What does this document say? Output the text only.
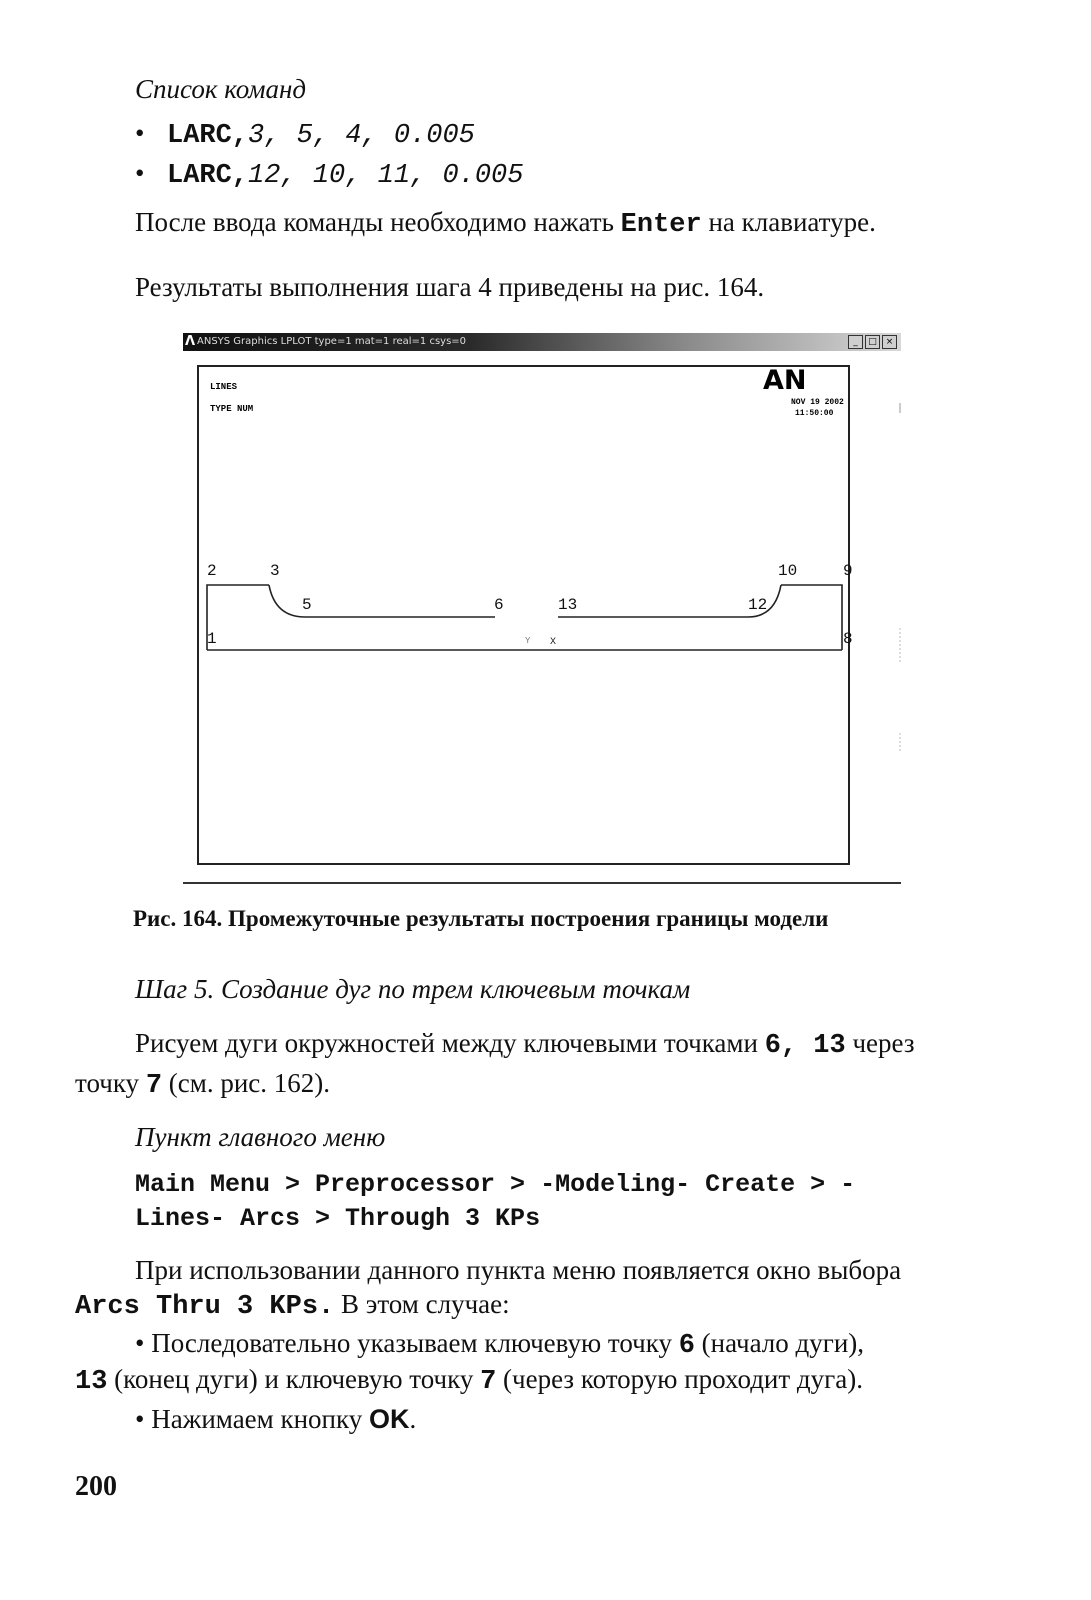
Список команд
• LARC,3, 5, 4, 0.005
• LARC,12, 10, 11, 0.005
После ввода команды необходимо нажать Enter на клавиатуре.
Результаты выполнения шага 4 приведены на рис. 164.
Λ ANSYS Graphics LPLOT type=1 mat=1 real=1 csys=0	_	□ ×
LINES
TYPE NUM
AN
NOV 19 2002
11:50:00
2	3
5	6	13
10	9
12
1	8
Y X
Рис. 164. Промежуточные результаты построения границы модели
Шаг 5. Создание дуг по трем ключевым точкам
Рисуем дуги окружностей между ключевыми точками 6, 13 через
точку 7 (см. рис. 162).
Пункт главного меню
Main Menu > Preprocessor > -Modeling- Create > -
Lines- Arcs > Through 3 KPs
При использовании данного пункта меню появляется окно выбора
Arcs Thru 3 KPs. В этом случае:
• Последовательно указываем ключевую точку 6 (начало дуги),
13 (конец дуги) и ключевую точку 7 (через которую проходит дуга).
• Нажимаем кнопку OK.
200
